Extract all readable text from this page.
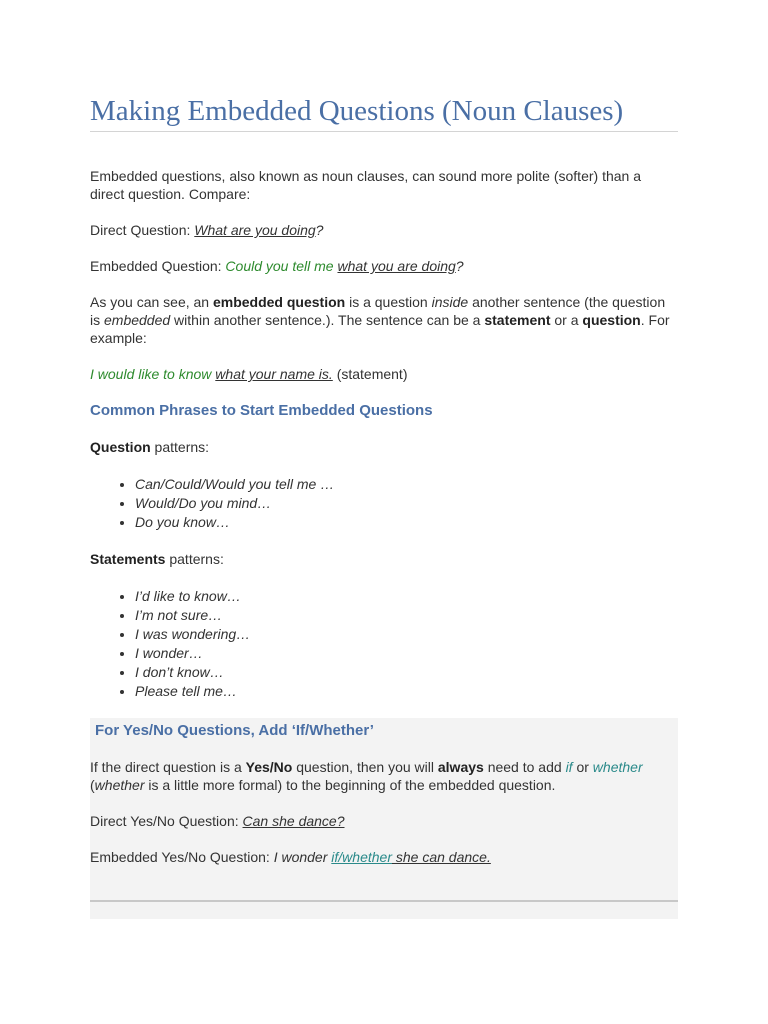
Making Embedded Questions (Noun Clauses)

Embedded questions, also known as noun clauses, can sound more polite (softer) than a direct question. Compare:

Direct Question: What are you doing?

Embedded Question: Could you tell me what you are doing?

As you can see, an embedded question is a question inside another sentence (the question is embedded within another sentence.). The sentence can be a statement or a question. For example:

I would like to know what your name is. (statement)

Common Phrases to Start Embedded Questions

Question patterns:

• Can/Could/Would you tell me …
• Would/Do you mind…
• Do you know…

Statements patterns:

• I’d like to know…
• I’m not sure…
• I was wondering…
• I wonder…
• I don’t know…
• Please tell me…
For Yes/No Questions, Add ‘If/Whether’

If the direct question is a Yes/No question, then you will always need to add if or whether (whether is a little more formal) to the beginning of the embedded question.

Direct Yes/No Question: Can she dance?

Embedded Yes/No Question: I wonder if/whether she can dance.
